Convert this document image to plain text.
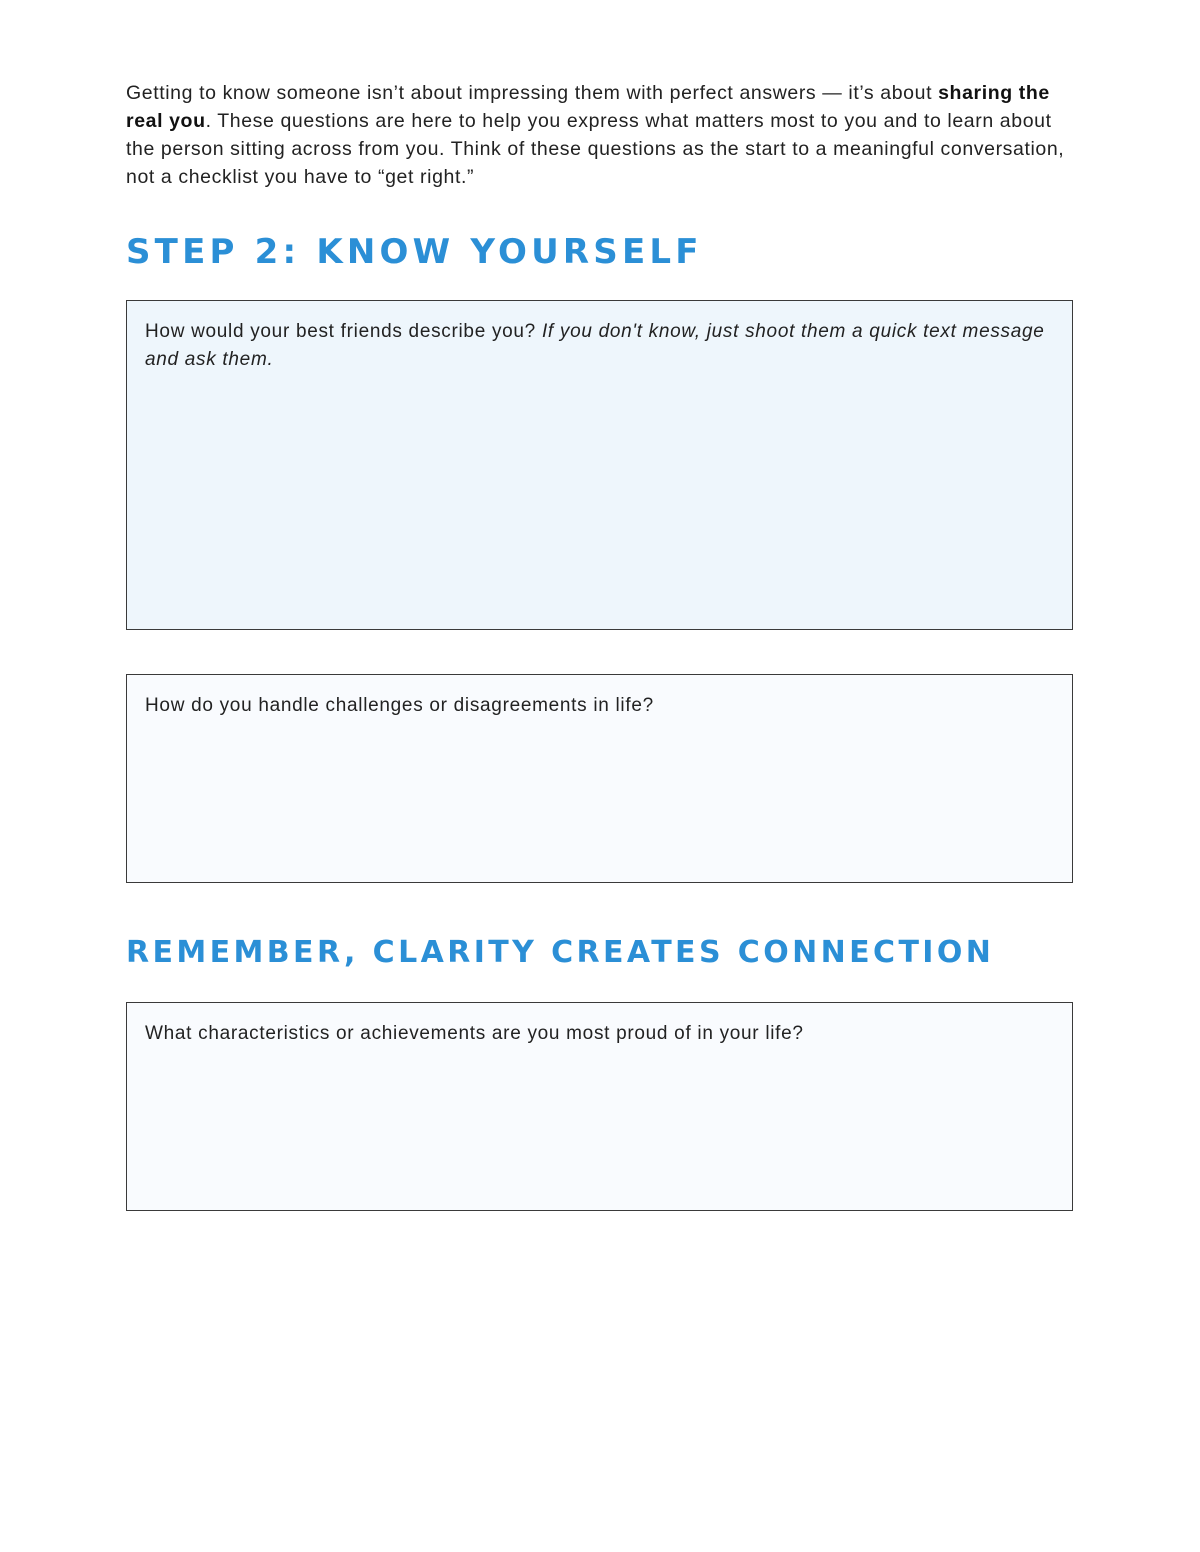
Getting to know someone isn’t about impressing them with perfect answers — it’s about sharing the real you. These questions are here to help you express what matters most to you and to learn about the person sitting across from you. Think of these questions as the start to a meaningful conversation, not a checklist you have to “get right.”

STEP 2: KNOW YOURSELF

How would your best friends describe you? If you don't know, just shoot them a quick text message and ask them.

How do you handle challenges or disagreements in life?

REMEMBER, CLARITY CREATES CONNECTION

What characteristics or achievements are you most proud of in your life?
